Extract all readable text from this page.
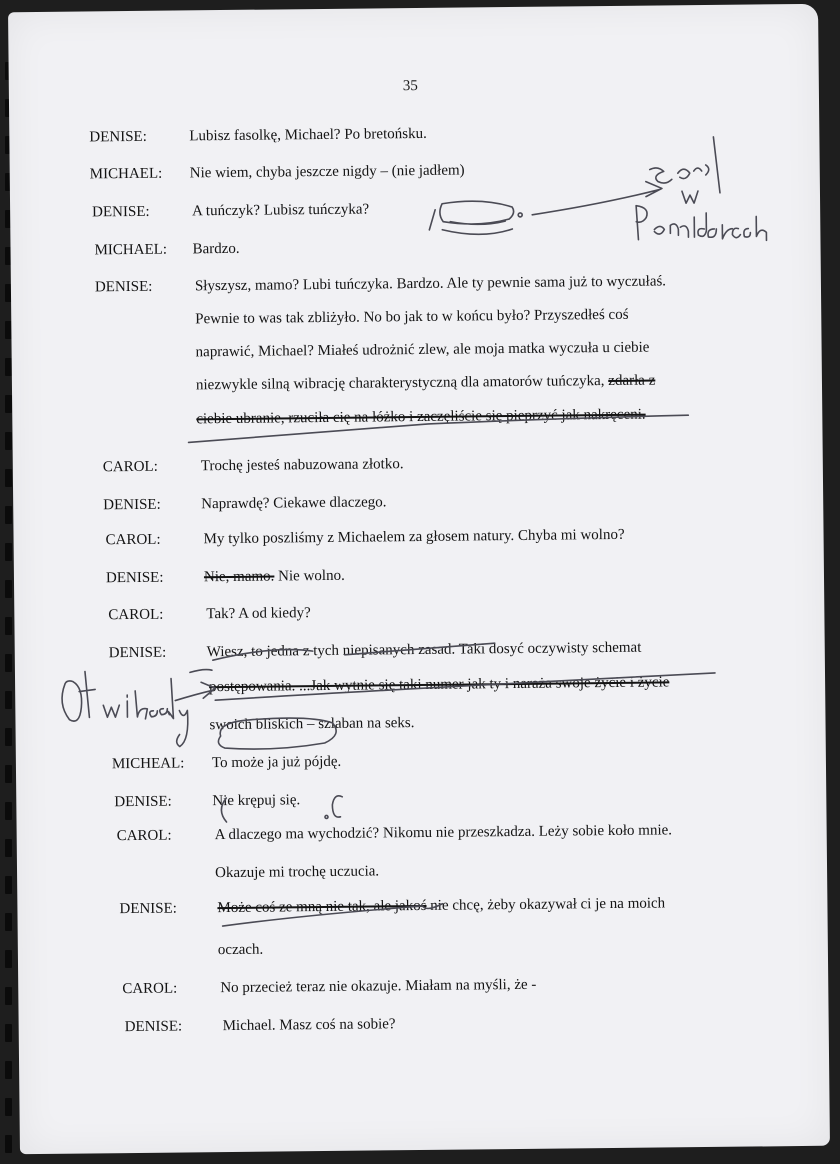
35
DENISE:	Lubisz fasolkę, Michael? Po bretońsku.
MICHAEL: Nie wiem, chyba jeszcze nigdy – (nie jadłem)
DENISE:	A tuńczyk? Lubisz tuńczyka?
MICHAEL: Bardzo.
DENISE:	Słyszysz, mamo? Lubi tuńczyka. Bardzo. Ale ty pewnie sama już to wyczułaś.
Pewnie to was tak zbliżyło. No bo jak to w końcu było? Przyszedłeś coś
naprawić, Michael? Miałeś udrożnić zlew, ale moja matka wyczuła u ciebie
niezwykle silną wibrację charakterystyczną dla amatorów tuńczyka, zdarła z
ciebie ubranie, rzuciła cię na łóżko i zaczęliście się pieprzyć jak nakręceni.
CAROL:	Trochę jesteś nabuzowana złotko.
DENISE:	Naprawdę? Ciekawe dlaczego.
CAROL:	My tylko poszliśmy z Michaelem za głosem natury. Chyba mi wolno?
DENISE:	Nie, mamo. Nie wolno.
CAROL:	Tak? A od kiedy?
DENISE:	Wiesz, to jedna z tych niepisanych zasad. Taki dosyć oczywisty schemat
postępowania. ...Jak wytnie się taki numer jak ty i naraża swoje życie i życie
swoich bliskich – szlaban na seks.
MICHEAL: To może ja już pójdę.
DENISE:	Nie krępuj się.
CAROL:	A dlaczego ma wychodzić? Nikomu nie przeszkadza. Leży sobie koło mnie.
Okazuje mi trochę uczucia.
DENISE:	Może coś ze mną nie tak, ale jakoś nie chcę, żeby okazywał ci je na moich
oczach.
CAROL:	No przecież teraz nie okazuje. Miałam na myśli, że -
DENISE:	Michael. Masz coś na sobie?
